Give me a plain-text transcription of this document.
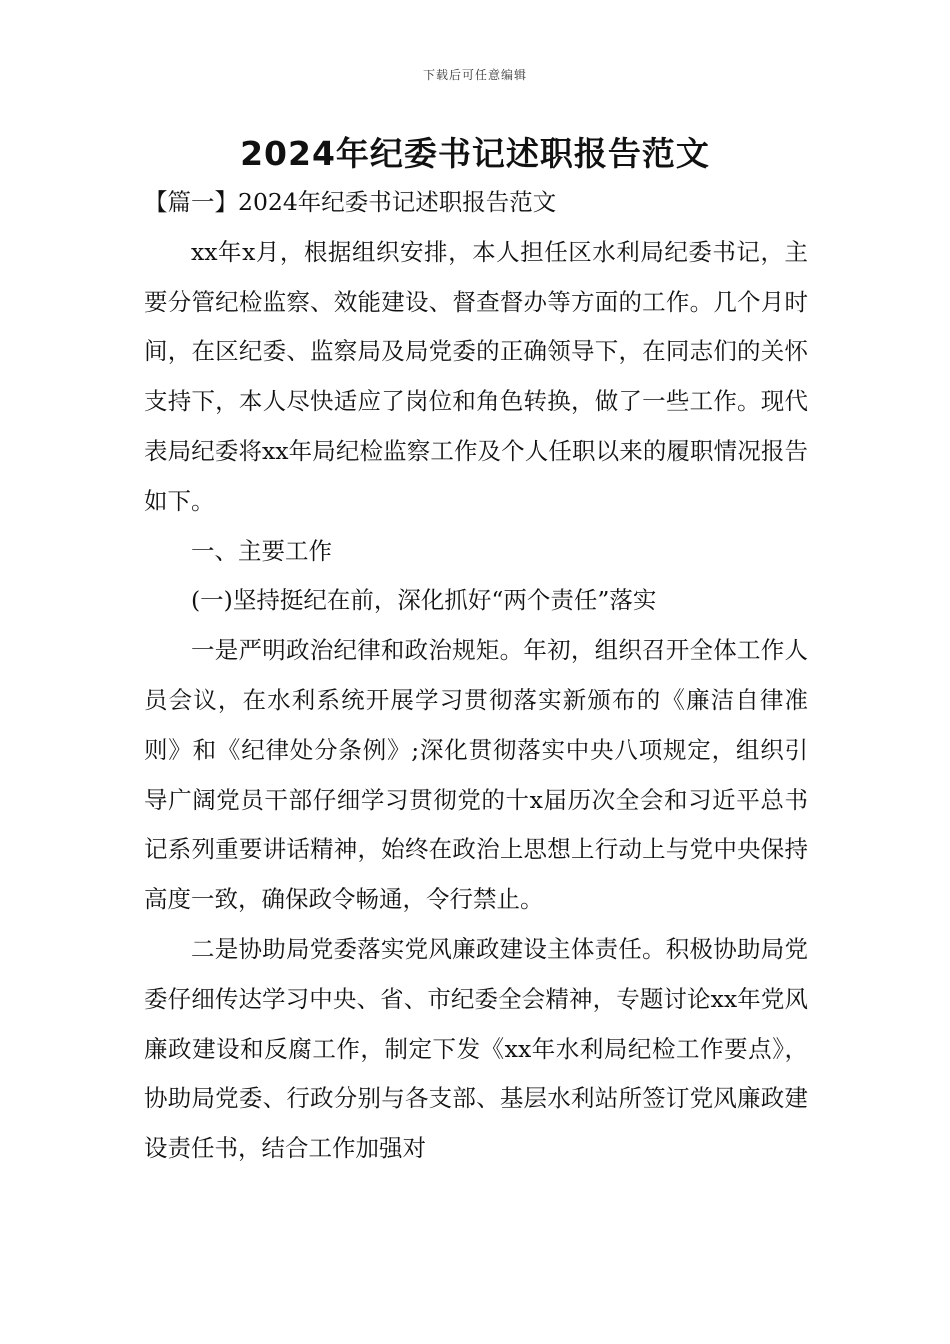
下载后可任意编辑
2024年纪委书记述职报告范文

【篇一】2024年纪委书记述职报告范文

xx年x月，根据组织安排，本人担任区水利局纪委书记，主要分管纪检监察、效能建设、督查督办等方面的工作。几个月时间，在区纪委、监察局及局党委的正确领导下，在同志们的关怀支持下，本人尽快适应了岗位和角色转换，做了一些工作。现代表局纪委将xx年局纪检监察工作及个人任职以来的履职情况报告如下。

一、主要工作

(一)坚持挺纪在前，深化抓好“两个责任”落实

一是严明政治纪律和政治规矩。年初，组织召开全体工作人员会议，在水利系统开展学习贯彻落实新颁布的《廉洁自律准则》和《纪律处分条例》;深化贯彻落实中央八项规定，组织引导广阔党员干部仔细学习贯彻党的十x届历次全会和习近平总书记系列重要讲话精神，始终在政治上思想上行动上与党中央保持高度一致，确保政令畅通，令行禁止。

二是协助局党委落实党风廉政建设主体责任。积极协助局党委仔细传达学习中央、省、市纪委全会精神，专题讨论xx年党风廉政建设和反腐工作，制定下发《xx年水利局纪检工作要点》，协助局党委、行政分别与各支部、基层水利站所签订党风廉政建设责任书，结合工作加强对
